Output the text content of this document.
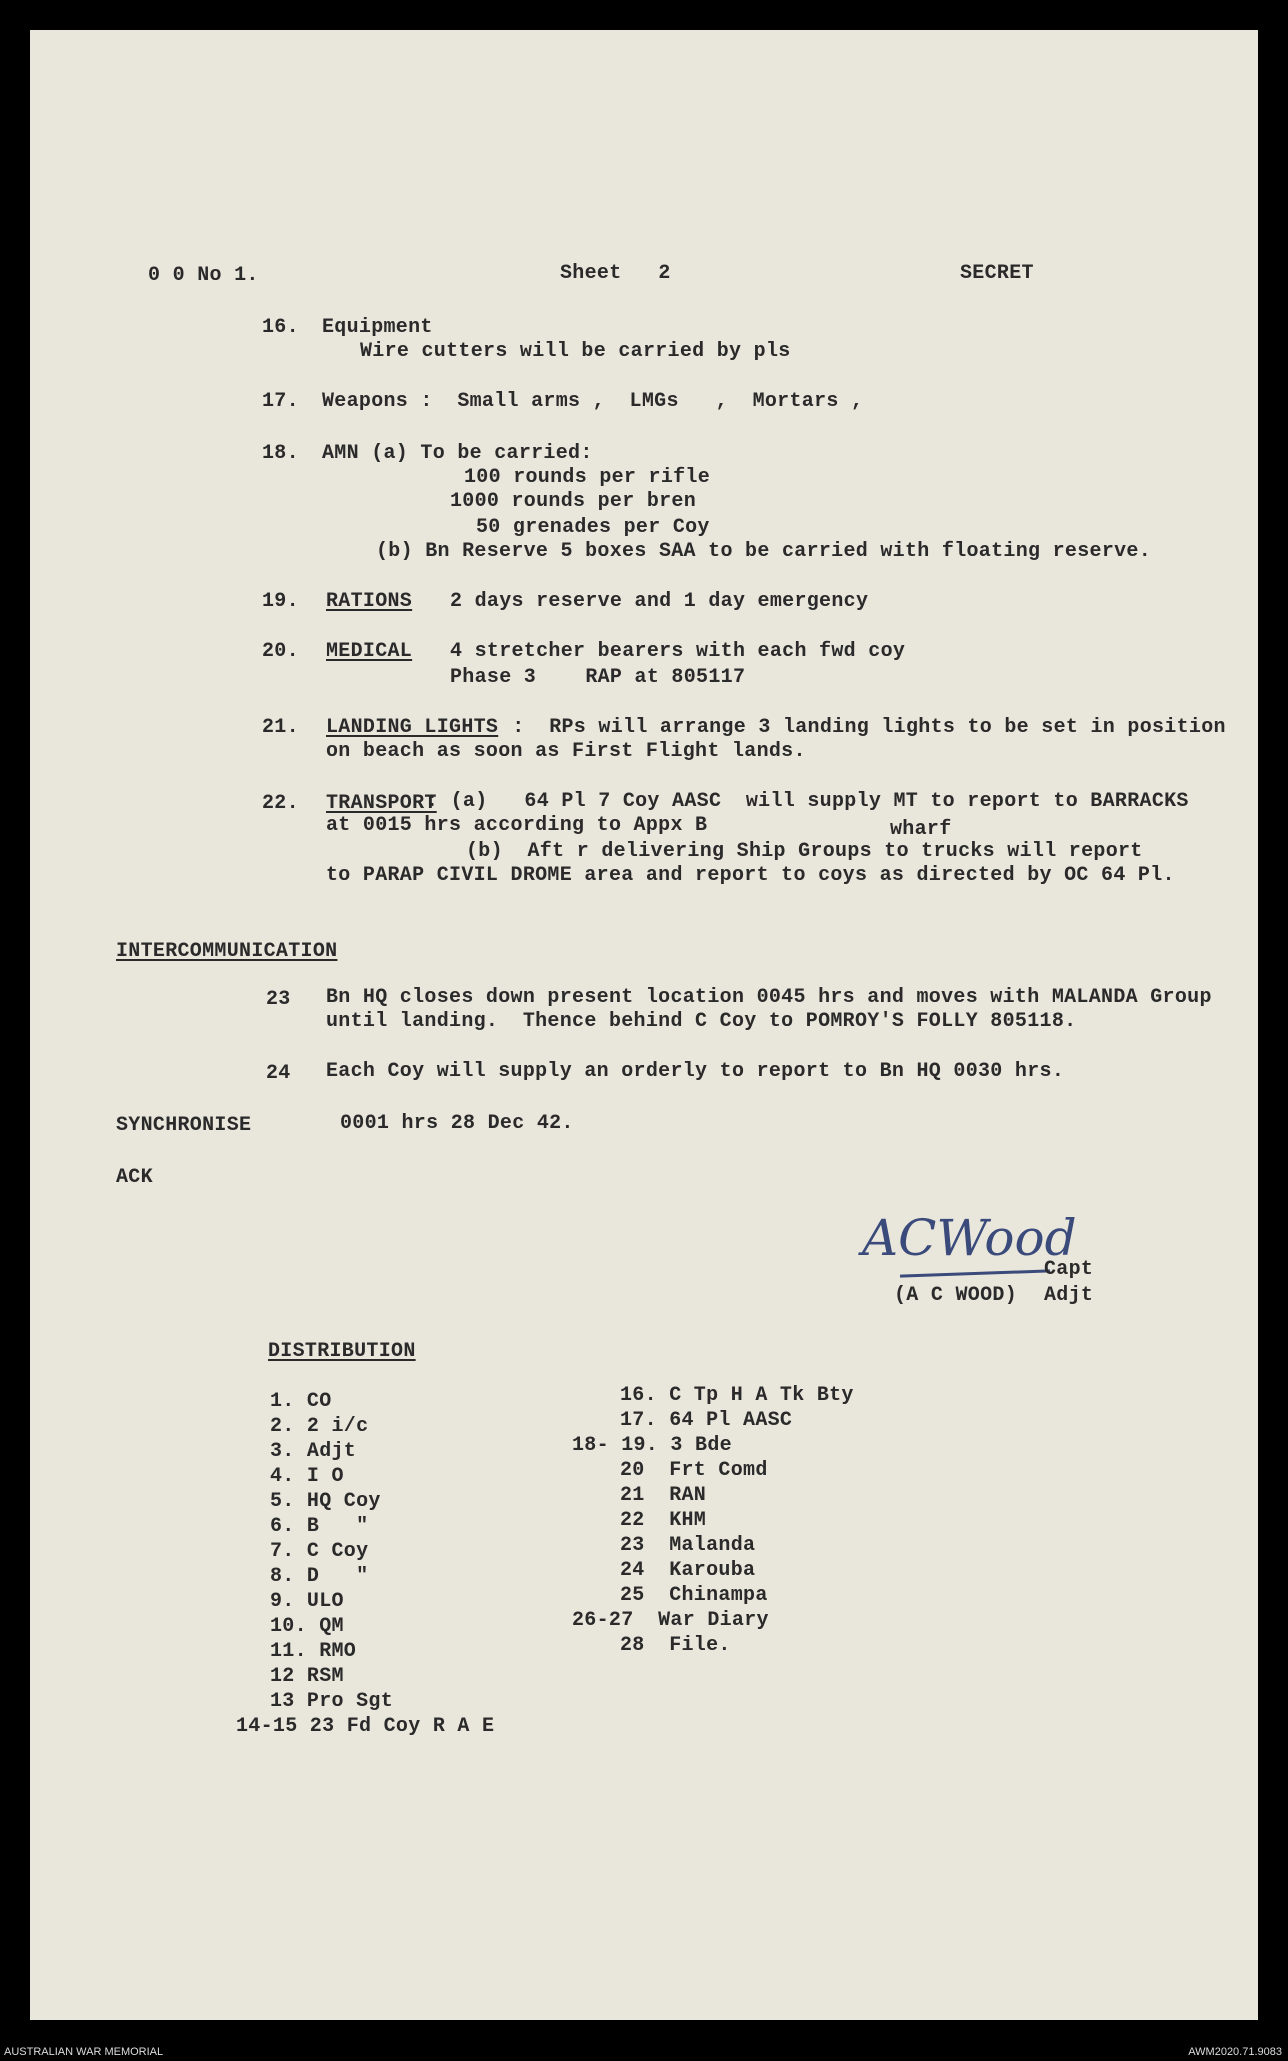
0 0 No 1.	Sheet   2	SECRET
16. Equipment
Wire cutters will be carried by pls
17. Weapons :  Small arms ,  LMGs   ,  Mortars ,
18. AMN (a) To be carried:
100 rounds per rifle
1000 rounds per bren
50 grenades per Coy
(b) Bn Reserve 5 boxes SAA to be carried with floating reserve.
19. RATIONS 2 days reserve and 1 day emergency
20. MEDICAL 4 stretcher bearers with each fwd coy
Phase 3    RAP at 805117
21. LANDING LIGHTS :  RPs will arrange 3 landing lights to be set in position
on beach as soon as First Flight lands.
22. TRANSPORT
: (a)   64 Pl 7 Coy AASC  will supply MT to report to BARRACKS
at 0015 hrs according to Appx B	wharf
(b)  Aft r delivering Ship Groups to trucks will report
to PARAP CIVIL DROME area and report to coys as directed by OC 64 Pl.
INTERCOMMUNICATION
23 Bn HQ closes down present location 0045 hrs and moves with MALANDA Group
until landing.  Thence behind C Coy to POMROY'S FOLLY 805118.
24 Each Coy will supply an orderly to report to Bn HQ 0030 hrs.
SYNCHRONISE	0001 hrs 28 Dec 42.
ACK
ACWood
Capt
(A C WOOD) Adjt
DISTRIBUTION
1. CO
2. 2 i/c
3. Adjt
4. I O
5. HQ Coy
6. B   "
7. C Coy
8. D   "
9. ULO
10. QM
11. RMO
12 RSM
13 Pro Sgt
14-15 23 Fd Coy R A E
16. C Tp H A Tk Bty
17. 64 Pl AASC
18- 19. 3 Bde
20  Frt Comd
21  RAN
22  KHM
23  Malanda
24  Karouba
25  Chinampa
26-27  War Diary
28  File.
AUSTRALIAN WAR MEMORIAL	AWM2020.71.9083
